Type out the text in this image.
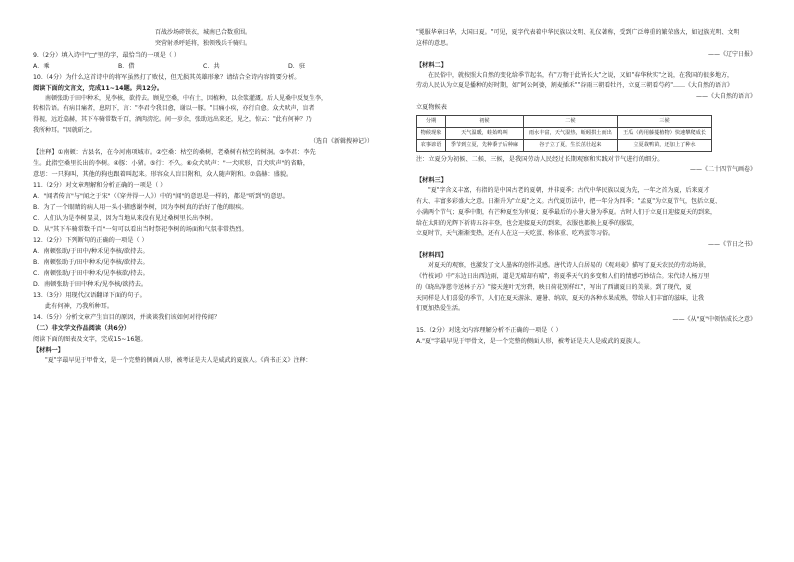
百战沙场碎铁衣，城南已合数重围。
突营射杀呼延将，独领残兵千骑归。
9.（2分）填入诗中"□"里的字，最恰当的一项是（ ）
A．乘	B．借	C．共	D．驻
10.（4分）为什么这首诗中的将军虽然打了败仗，但无损其英雄形象？请结合全诗内容简要分析。
阅读下面的文言文，完成11~14题。共12分。
南顿张助于田中种禾，见李核，欲持去。顾见空桑，中有土，因植种，以余浆灌溉。后人见桑中反复生李，
转相告语。有病目痛者，息阴下，言："李君令我目愈，谢以一豚。"目痛小疾，亦行自愈。众犬吠声，盲者
得视，远近翕赫，其下车骑常数千百，酒肉滂沱。间一岁余，张助远出来还，见之，惊云："此有何神？乃
我所种耳。"因就斫之。
（选自《新辑搜神记》）
【注释】①南顿：古县名，在今河南项城市。②空桑：枯空的桑树，老桑树有枯空的树洞。③李君：李先
生。此指空桑里长出的李树。④豚：小猪。⑤行：不久。⑥众犬吠声："一犬吠形，百犬吠声"的省略，
意思：一只狗叫，其他的狗也跟着叫起来。形容众人盲目附和，众人随声附和。⑦翕赫：盛貌。
11.（2分）对文章理解和分析正确的一项是（ ）
A．"闻者传言"与"闻之于宋"（《穿井得一人》）中的"闻"的意思是一样的，都是"听到"的意思。
B．为了一个眼睛的病人用一头小猪感谢李树，因为李树真的治好了他的眼疾。
C．人们认为是李树显灵，因为当地从来没有见过桑树里长出李树。
D．从"其下车骑常数千百"一句可以看出当时祭祀李树的场面和气氛非常热烈。
12.（2分）下列断句的正确的一项是（ ）
A．南顿张助/于田中/种禾见李核/欲持去。
B．南顿张助于/田中种禾/见李核/欲持去。
C．南顿张助/于田中种禾/见李核欲/持去。
D．南顿张助于田中种禾/见李核/欲持去。
13.（3分）用现代汉语翻译下面的句子。
此有何神，乃我所种耳。
14.（5分）分析文章产生盲目的原因，并谈谈我们该如何对待传闻？
（二）非文学文作品阅读（共6分）
阅读下面的图表及文字，完成15~16题。
【材料一】
"夏"字最早见于甲骨文，是一个完整的侧面人形，被考证是夫人是威武的夏族人。《尚书正义》注释：
"冕服华章曰华，大国曰夏。"可见，夏字代表着中华民族以文明、礼仪著称，受到广泛尊重的繁荣盛大，如冠族光明、文明
这样的意思。
——《辽宁日报》
【材料二】
在民俗中，就按照大自然的变化给季节起名，有"万物于此皆长大"之说，又如"春华秋实"之说，在我国的很多地方，
劳动人民认为立夏是播种的好时期，如"阿公阿婆，割麦插禾""谷雨三朝看牡丹，立夏三朝看芍药"……《大自然的语言》
——《大自然的语言》
立夏物候表
分期	初候	二候	三候
物候现象	天气温暖，蛙始鸣叫	雨水丰富，天气湿热，蚯蚓拱土而出	王瓜（药用藤蔓植物）快速攀爬成长
农事谚语	季节到立夏，先种黍子后种麻	谷子立了夏，生长茁壮起来	立夏栽鸭苗，还加上了种水
注：立夏分为初候、二候、三候，是我国劳动人民经过长期观察和实践对节气进行的细分。
——《二十四节气画卷》
【材料三】
"夏"字含义丰富，有指的是中国古老的夏朝，并非夏季；古代中华民族以夏为先，一年之首为夏，后来夏才
有大、丰富多彩盛大之意。日渐升为"立夏"之义。古代夏历法中，把一年分为四季；"孟夏"为立夏节气，包括立夏、
小满两个节气；夏季中期，有芒种夏至为仲夏；夏季最后的小暑大暑为季夏。古时人们于立夏日迎接夏天的到来，
给在太阳的光辉下祈祷五谷丰登，也会迎接夏天的到来，衣服也都换上夏季的服装，
立夏时节，天气渐渐变热，还有人在这一天吃蛋、称体重、吃鸡蛋等习俗。
——《节日之书》
【材料四】
对夏天的观察，也激发了文人墨客的创作灵感。唐代诗人白居易的《观刈麦》描写了夏天农民的劳动场景，
《竹枝词》中"东边日出西边雨，道是无晴却有晴"，将夏季天气的多变和人们的情感巧妙结合。宋代诗人杨万里
的《晓出净慈寺送林子方》"接天莲叶无穷碧，映日荷花别样红"，写出了西湖夏日的美景。到了现代，夏
天同样是人们喜爱的季节，人们在夏天游泳、避暑、纳凉，夏天的各种水果成熟，带给人们丰富的滋味，让我
们更加热爱生活。
——《从"夏"中领悟成长之意》
15.（2分）对选文内容理解分析不正确的一项是（ ）
A."夏"字最早见于甲骨文，是一个完整的侧面人形，被考证是夫人是威武的夏族人。
